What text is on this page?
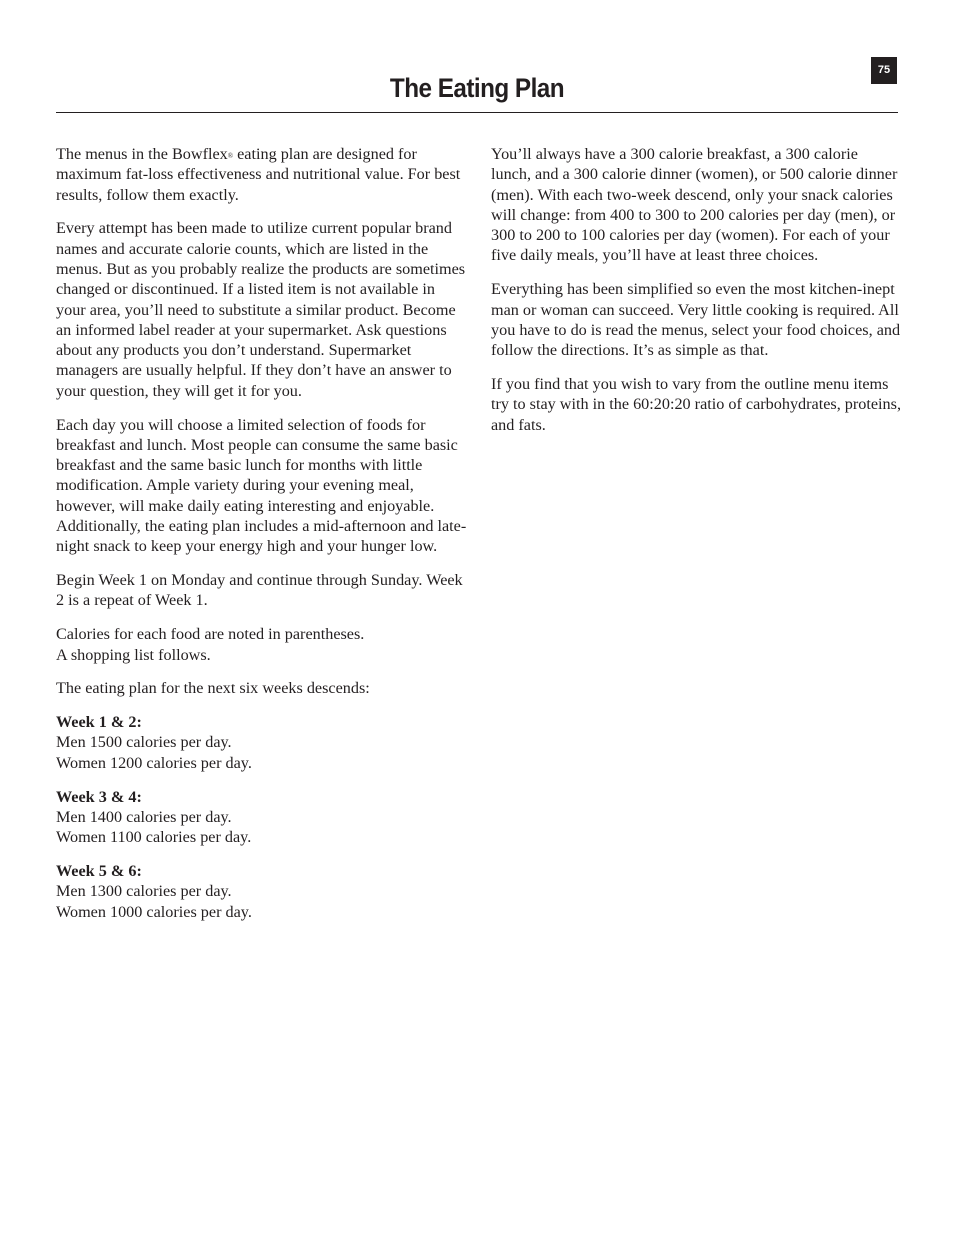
75
The Eating Plan

The menus in the Bowflex® eating plan are designed for maximum fat-loss effectiveness and nutritional value. For best results, follow them exactly.

Every attempt has been made to utilize current popular brand names and accurate calorie counts, which are listed in the menus. But as you probably realize the products are sometimes changed or discontinued. If a listed item is not available in your area, you’ll need to substitute a similar product. Become an informed label reader at your supermarket. Ask questions about any products you don’t understand. Supermarket managers are usually helpful. If they don’t have an answer to your question, they will get it for you.

Each day you will choose a limited selection of foods for breakfast and lunch. Most people can consume the same basic breakfast and the same basic lunch for months with little modification. Ample variety during your evening meal, however, will make daily eating interesting and enjoyable. Additionally, the eating plan includes a mid-afternoon and late-night snack to keep your energy high and your hunger low.

Begin Week 1 on Monday and continue through Sunday. Week 2 is a repeat of Week 1.

Calories for each food are noted in parentheses.
A shopping list follows.

The eating plan for the next six weeks descends:

Week 1 & 2:
Men 1500 calories per day.
Women 1200 calories per day.

Week 3 & 4:
Men 1400 calories per day.
Women 1100 calories per day.

Week 5 & 6:
Men 1300 calories per day.
Women 1000 calories per day.

You’ll always have a 300 calorie breakfast, a 300 calorie lunch, and a 300 calorie dinner (women), or 500 calorie dinner (men). With each two-week descend, only your snack calories will change: from 400 to 300 to 200 calories per day (men), or 300 to 200 to 100 calories per day (women). For each of your five daily meals, you’ll have at least three choices.

Everything has been simplified so even the most kitchen-inept man or woman can succeed. Very little cooking is required. All you have to do is read the menus, select your food choices, and follow the directions. It’s as simple as that.

If you find that you wish to vary from the outline menu items try to stay with in the 60:20:20 ratio of carbohydrates, proteins, and fats.
